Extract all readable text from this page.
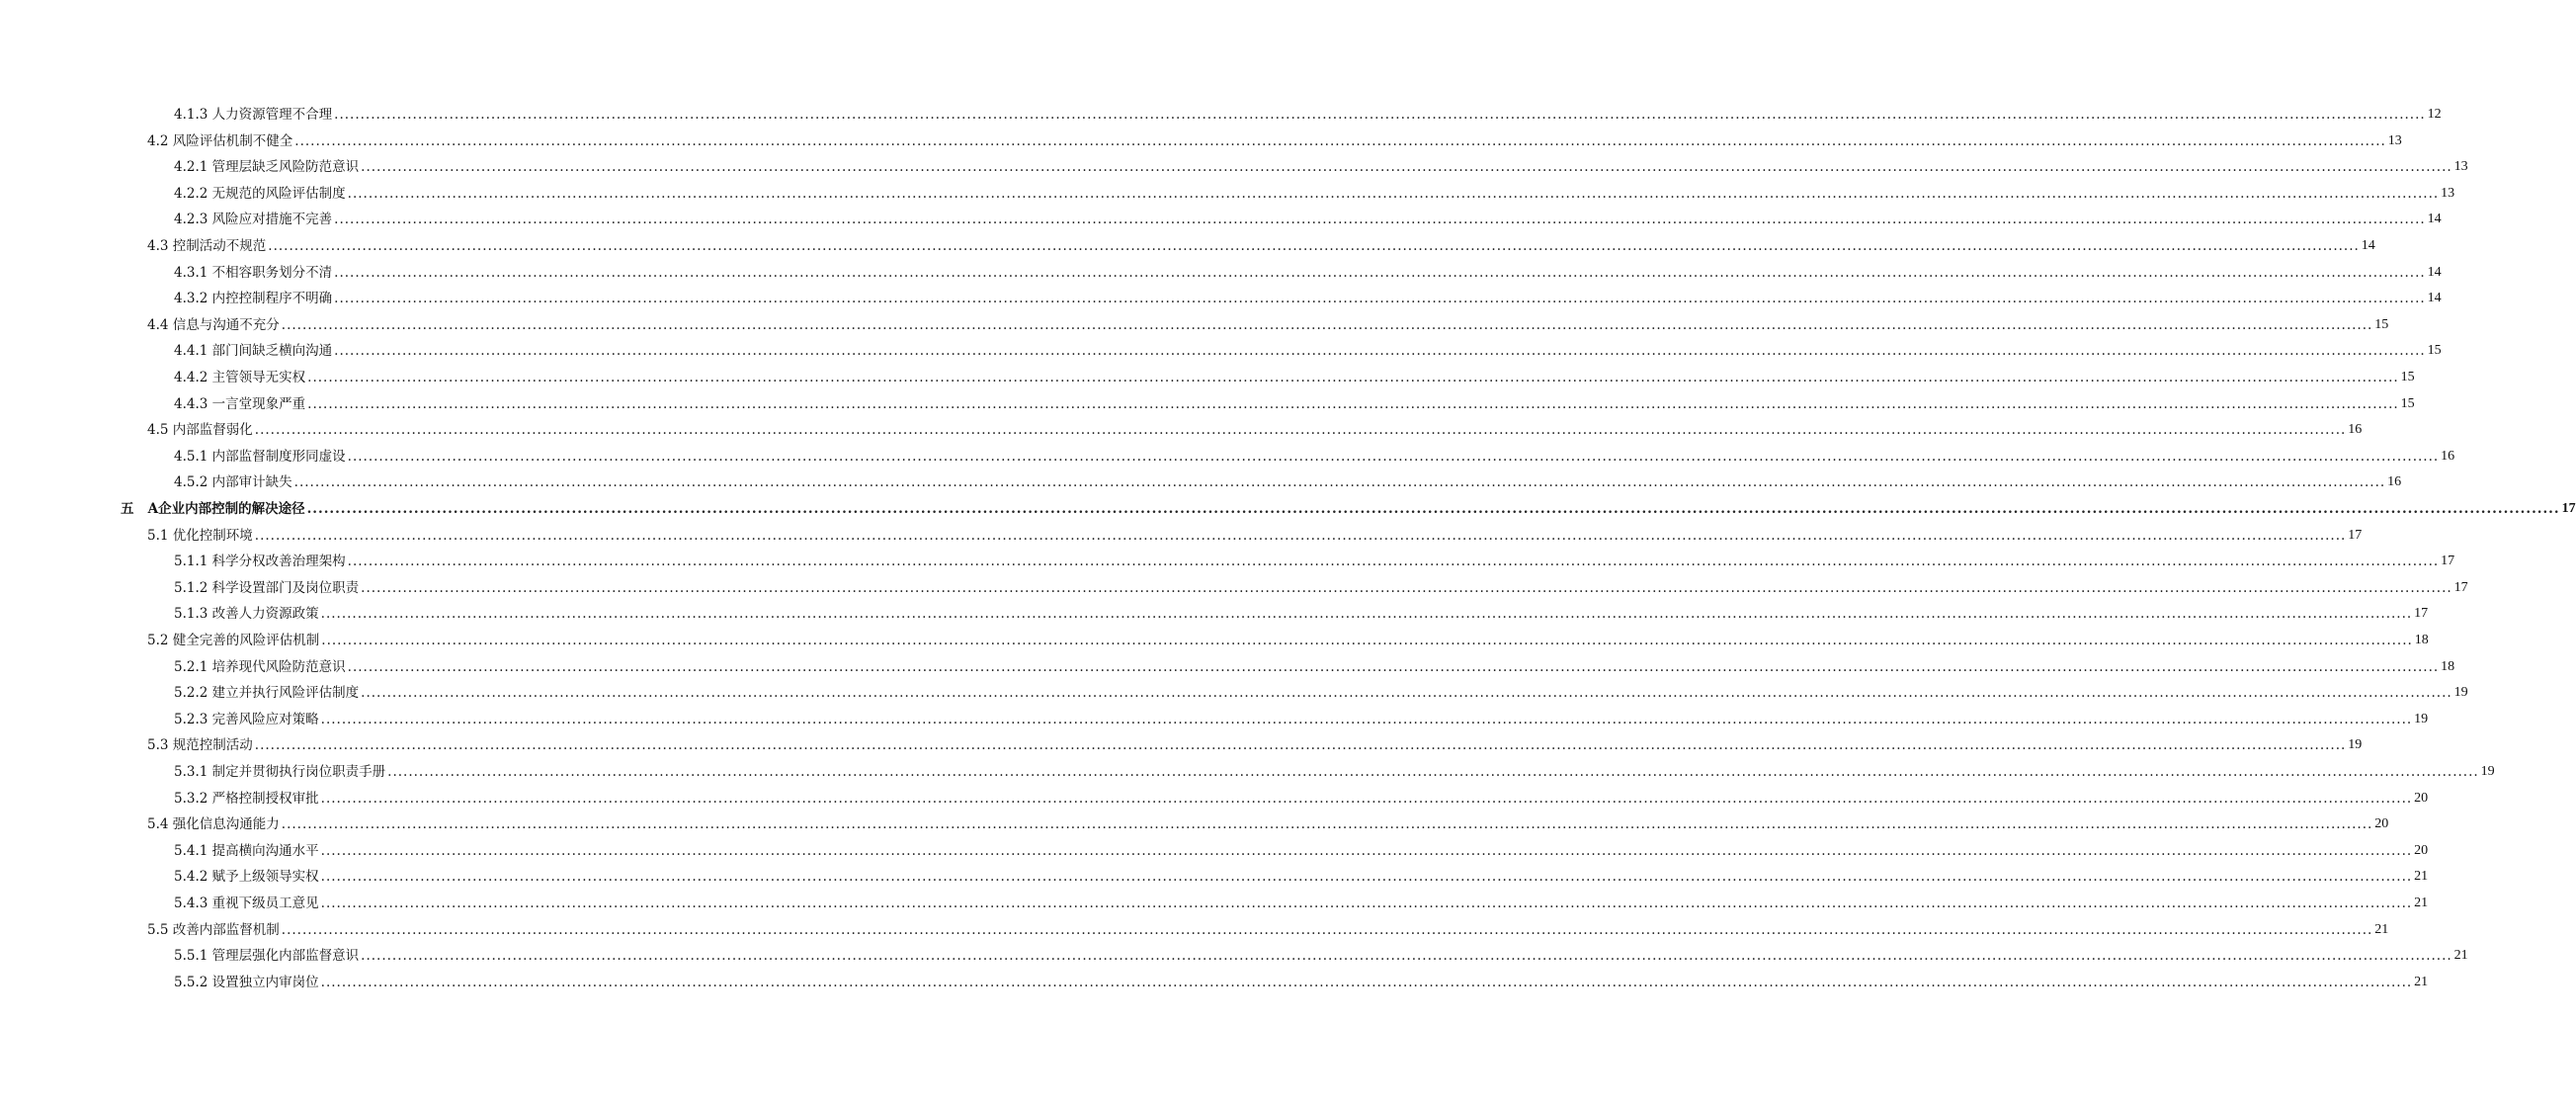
4.1.3 人力资源管理不合理 ................................................................................................................................................................................................................................................................................................................................................................................................................ 12
4.2 风险评估机制不健全 ................................................................................................................................................................................................................................................................................................................................................................................................................ 13
4.2.1 管理层缺乏风险防范意识 ................................................................................................................................................................................................................................................................................................................................................................................................................ 13
4.2.2 无规范的风险评估制度 ................................................................................................................................................................................................................................................................................................................................................................................................................ 13
4.2.3 风险应对措施不完善 ................................................................................................................................................................................................................................................................................................................................................................................................................ 14
4.3 控制活动不规范 ................................................................................................................................................................................................................................................................................................................................................................................................................ 14
4.3.1 不相容职务划分不清 ................................................................................................................................................................................................................................................................................................................................................................................................................ 14
4.3.2 内控控制程序不明确 ................................................................................................................................................................................................................................................................................................................................................................................................................ 14
4.4 信息与沟通不充分 ................................................................................................................................................................................................................................................................................................................................................................................................................ 15
4.4.1 部门间缺乏横向沟通 ................................................................................................................................................................................................................................................................................................................................................................................................................ 15
4.4.2 主管领导无实权 ................................................................................................................................................................................................................................................................................................................................................................................................................ 15
4.4.3 一言堂现象严重 ................................................................................................................................................................................................................................................................................................................................................................................................................ 15
4.5 内部监督弱化 ................................................................................................................................................................................................................................................................................................................................................................................................................ 16
4.5.1 内部监督制度形同虚设 ................................................................................................................................................................................................................................................................................................................................................................................................................ 16
4.5.2 内部审计缺失 ................................................................................................................................................................................................................................................................................................................................................................................................................ 16
五 A企业内部控制的解决途径 ................................................................................................................................................................................................................................................................................................................................................................................................................ 17
5.1 优化控制环境 ................................................................................................................................................................................................................................................................................................................................................................................................................ 17
5.1.1 科学分权改善治理架构 ................................................................................................................................................................................................................................................................................................................................................................................................................ 17
5.1.2 科学设置部门及岗位职责 ................................................................................................................................................................................................................................................................................................................................................................................................................ 17
5.1.3 改善人力资源政策 ................................................................................................................................................................................................................................................................................................................................................................................................................ 17
5.2 健全完善的风险评估机制 ................................................................................................................................................................................................................................................................................................................................................................................................................ 18
5.2.1 培养现代风险防范意识 ................................................................................................................................................................................................................................................................................................................................................................................................................ 18
5.2.2 建立并执行风险评估制度 ................................................................................................................................................................................................................................................................................................................................................................................................................ 19
5.2.3 完善风险应对策略 ................................................................................................................................................................................................................................................................................................................................................................................................................ 19
5.3 规范控制活动 ................................................................................................................................................................................................................................................................................................................................................................................................................ 19
5.3.1 制定并贯彻执行岗位职责手册 ................................................................................................................................................................................................................................................................................................................................................................................................................ 19
5.3.2 严格控制授权审批 ................................................................................................................................................................................................................................................................................................................................................................................................................ 20
5.4 强化信息沟通能力 ................................................................................................................................................................................................................................................................................................................................................................................................................ 20
5.4.1 提高横向沟通水平 ................................................................................................................................................................................................................................................................................................................................................................................................................ 20
5.4.2 赋予上级领导实权 ................................................................................................................................................................................................................................................................................................................................................................................................................ 21
5.4.3 重视下级员工意见 ................................................................................................................................................................................................................................................................................................................................................................................................................ 21
5.5 改善内部监督机制 ................................................................................................................................................................................................................................................................................................................................................................................................................ 21
5.5.1 管理层强化内部监督意识 ................................................................................................................................................................................................................................................................................................................................................................................................................ 21
5.5.2 设置独立内审岗位 ................................................................................................................................................................................................................................................................................................................................................................................................................ 21
